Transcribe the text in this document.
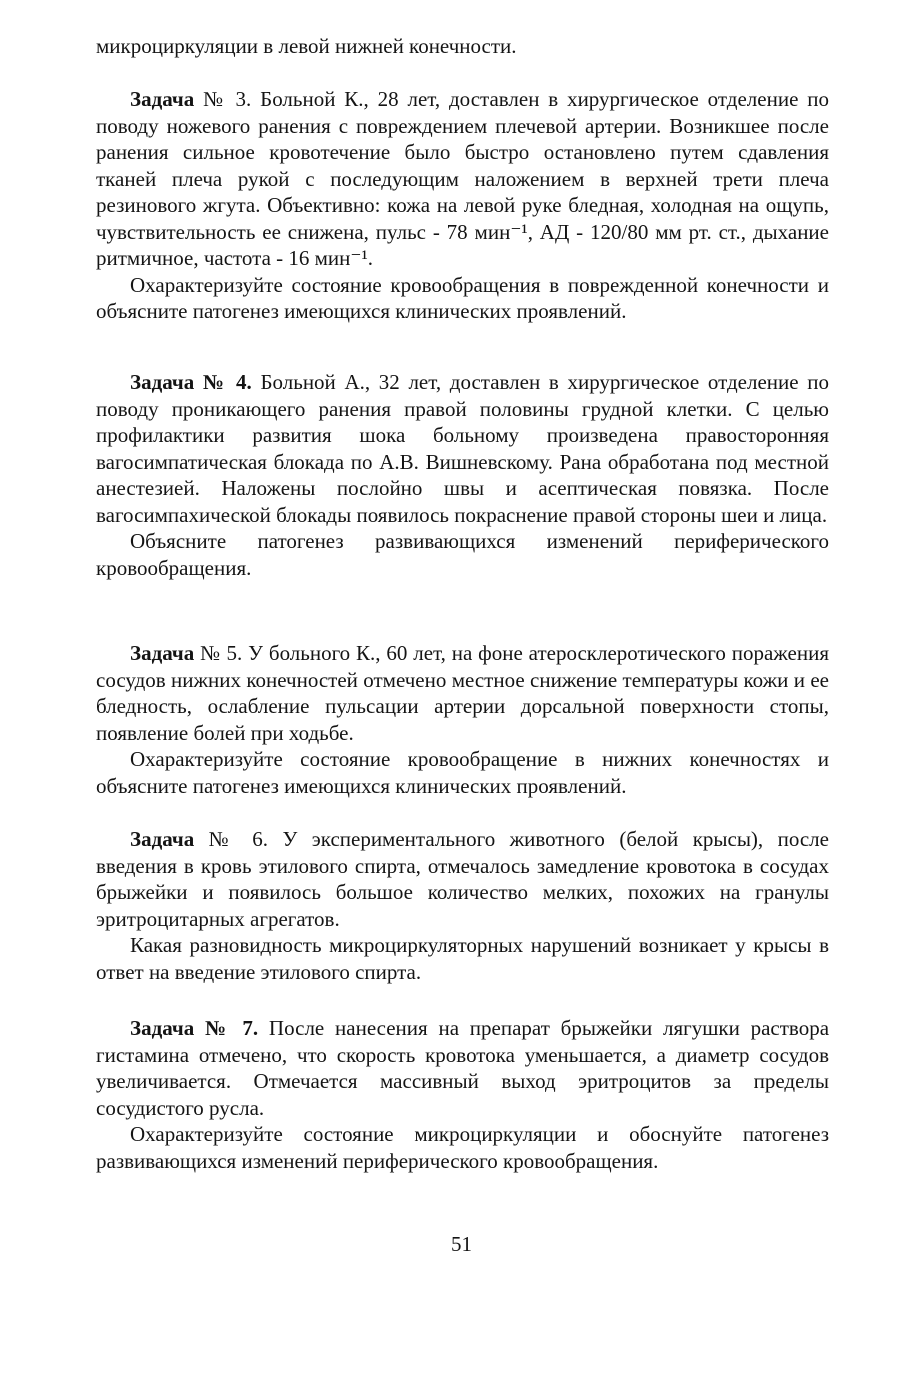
микроциркуляции в левой нижней конечности.

Задача № 3. Больной К., 28 лет, доставлен в хирургическое отделение по поводу ножевого ранения с повреждением плечевой артерии. Возникшее после ранения сильное кровотечение было быстро остановлено путем сдавления тканей плеча рукой с последующим наложением в верхней трети плеча резинового жгута. Объективно: кожа на левой руке бледная, холодная на ощупь, чувствительность ее снижена, пульс - 78 мин⁻¹, АД - 120/80 мм рт. ст., дыхание ритмичное, частота - 16 мин⁻¹.

Охарактеризуйте состояние кровообращения в поврежденной конечности и объясните патогенез имеющихся клинических проявлений.

Задача № 4. Больной А., 32 лет, доставлен в хирургическое отделение по поводу проникающего ранения правой половины грудной клетки. С целью профилактики развития шока больному произведена правосторонняя вагосимпатическая блокада по А.В. Вишневскому. Рана обработана под местной анестезией. Наложены послойно швы и асептическая повязка. После вагосимпахической блокады появилось покраснение правой стороны шеи и лица.

Объясните патогенез развивающихся изменений периферического кровообращения.

Задача № 5. У больного К., 60 лет, на фоне атеросклеротического поражения сосудов нижних конечностей отмечено местное снижение температуры кожи и ее бледность, ослабление пульсации артерии дорсальной поверхности стопы, появление болей при ходьбе.

Охарактеризуйте состояние кровообращение в нижних конечностях и объясните патогенез имеющихся клинических проявлений.

Задача № 6. У экспериментального животного (белой крысы), после введения в кровь этилового спирта, отмечалось замедление кровотока в сосудах брыжейки и появилось большое количество мелких, похожих на гранулы эритроцитарных агрегатов.

Какая разновидность микроциркуляторных нарушений возникает у крысы в ответ на введение этилового спирта.

Задача № 7. После нанесения на препарат брыжейки лягушки раствора гистамина отмечено, что скорость кровотока уменьшается, а диаметр сосудов увеличивается. Отмечается массивный выход эритроцитов за пределы сосудистого русла.

Охарактеризуйте состояние микроциркуляции и обоснуйте патогенез развивающихся изменений периферического кровообращения.

51
